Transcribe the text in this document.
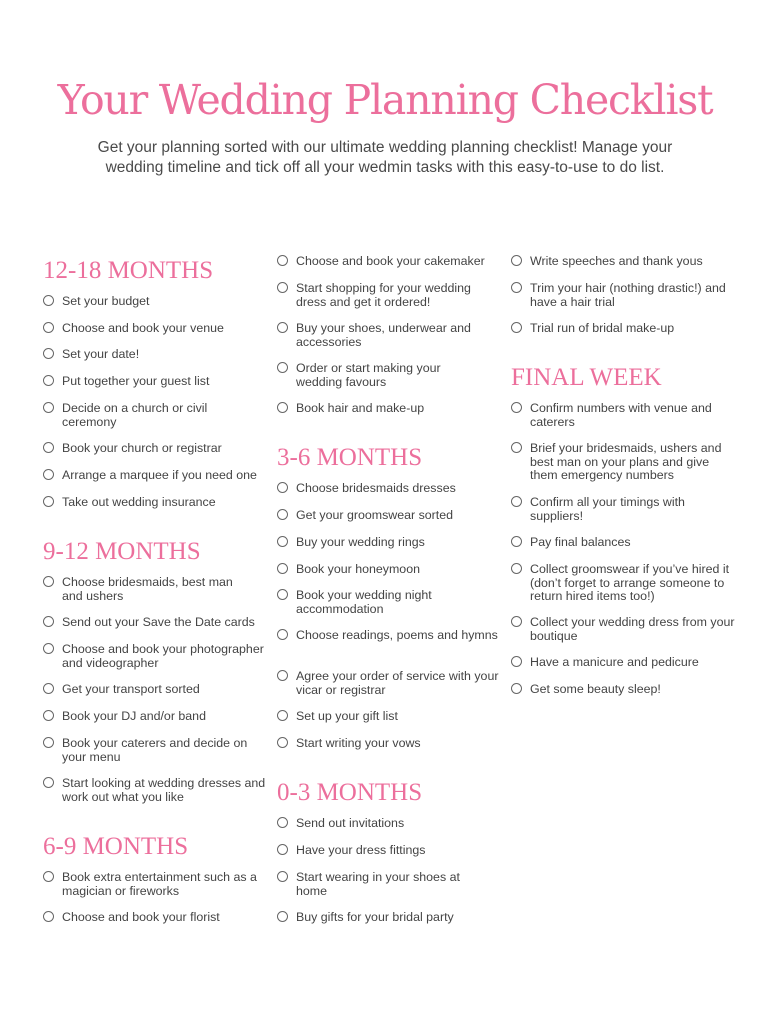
Your Wedding Planning Checklist

Get your planning sorted with our ultimate wedding planning checklist! Manage your wedding timeline and tick off all your wedmin tasks with this easy-to-use to do list.

12-18 MONTHS
Set your budget
Choose and book your venue
Set your date!
Put together your guest list
Decide on a church or civil ceremony
Book your church or registrar
Arrange a marquee if you need one
Take out wedding insurance
9-12 MONTHS
Choose bridesmaids, best man and ushers
Send out your Save the Date cards
Choose and book your photographer and videographer
Get your transport sorted
Book your DJ and/or band
Book your caterers and decide on your menu
Start looking at wedding dresses and work out what you like
6-9 MONTHS
Book extra entertainment such as a magician or fireworks
Choose and book your florist
Choose and book your cakemaker
Start shopping for your wedding dress and get it ordered!
Buy your shoes, underwear and accessories
Order or start making your wedding favours
Book hair and make-up
3-6 MONTHS
Choose bridesmaids dresses
Get your groomswear sorted
Buy your wedding rings
Book your honeymoon
Book your wedding night accommodation
Choose readings, poems and hymns
Agree your order of service with your vicar or registrar
Set up your gift list
Start writing your vows
0-3 MONTHS
Send out invitations
Have your dress fittings
Start wearing in your shoes at home
Buy gifts for your bridal party
Write speeches and thank yous
Trim your hair (nothing drastic!) and have a hair trial
Trial run of bridal make-up
FINAL WEEK
Confirm numbers with venue and caterers
Brief your bridesmaids, ushers and best man on your plans and give them emergency numbers
Confirm all your timings with suppliers!
Pay final balances
Collect groomswear if you’ve hired it (don’t forget to arrange someone to return hired items too!)
Collect your wedding dress from your boutique
Have a manicure and pedicure
Get some beauty sleep!
